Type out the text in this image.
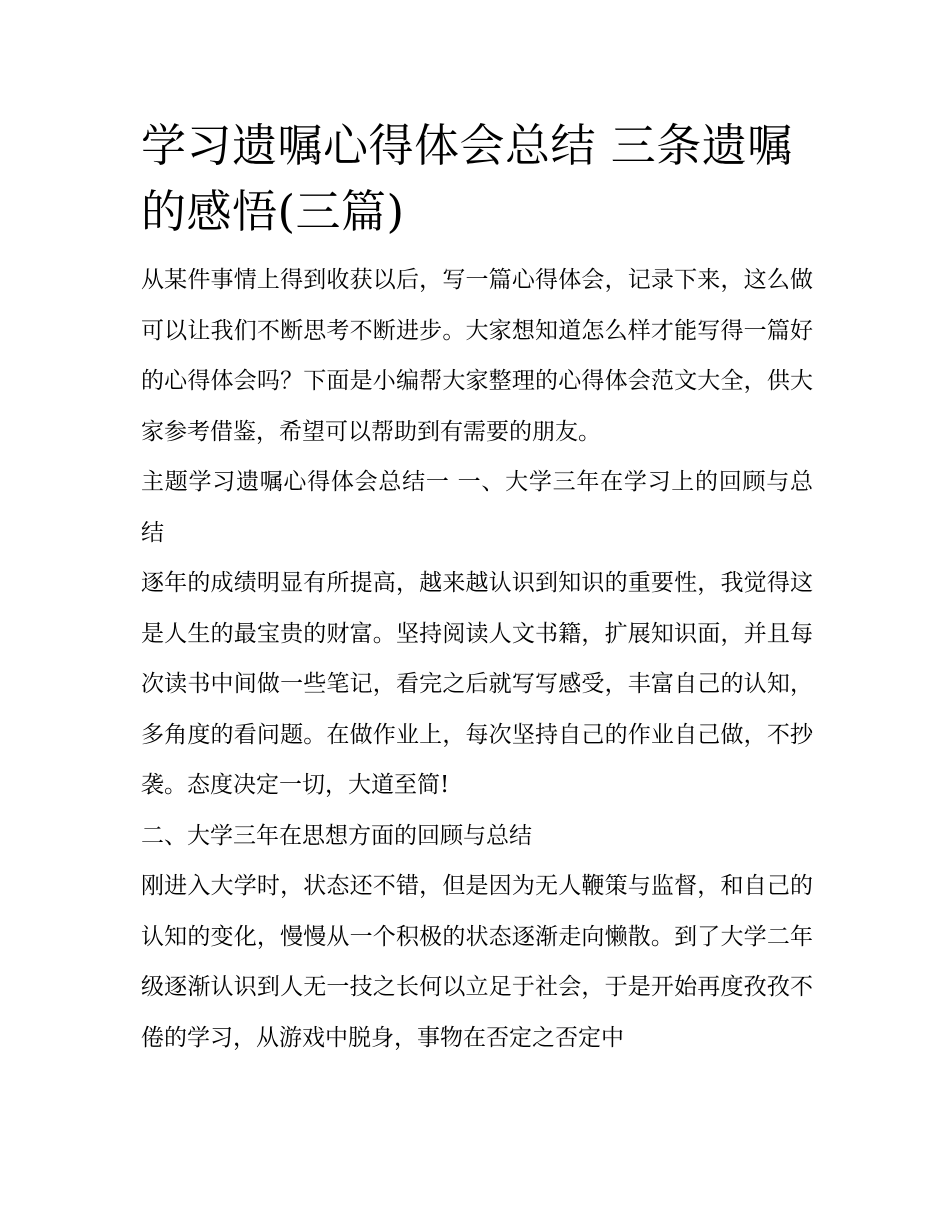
学习遗嘱心得体会总结 三条遗嘱的感悟(三篇)

从某件事情上得到收获以后，写一篇心得体会，记录下来，这么做可以让我们不断思考不断进步。大家想知道怎么样才能写得一篇好的心得体会吗？下面是小编帮大家整理的心得体会范文大全，供大家参考借鉴，希望可以帮助到有需要的朋友。

主题学习遗嘱心得体会总结一 一、大学三年在学习上的回顾与总结

逐年的成绩明显有所提高，越来越认识到知识的重要性，我觉得这是人生的最宝贵的财富。坚持阅读人文书籍，扩展知识面，并且每次读书中间做一些笔记，看完之后就写写感受，丰富自己的认知，多角度的看问题。在做作业上，每次坚持自己的作业自己做，不抄袭。态度决定一切，大道至简!

二、大学三年在思想方面的回顾与总结

刚进入大学时，状态还不错，但是因为无人鞭策与监督，和自己的认知的变化，慢慢从一个积极的状态逐渐走向懒散。到了大学二年级逐渐认识到人无一技之长何以立足于社会，于是开始再度孜孜不倦的学习，从游戏中脱身，事物在否定之否定中
